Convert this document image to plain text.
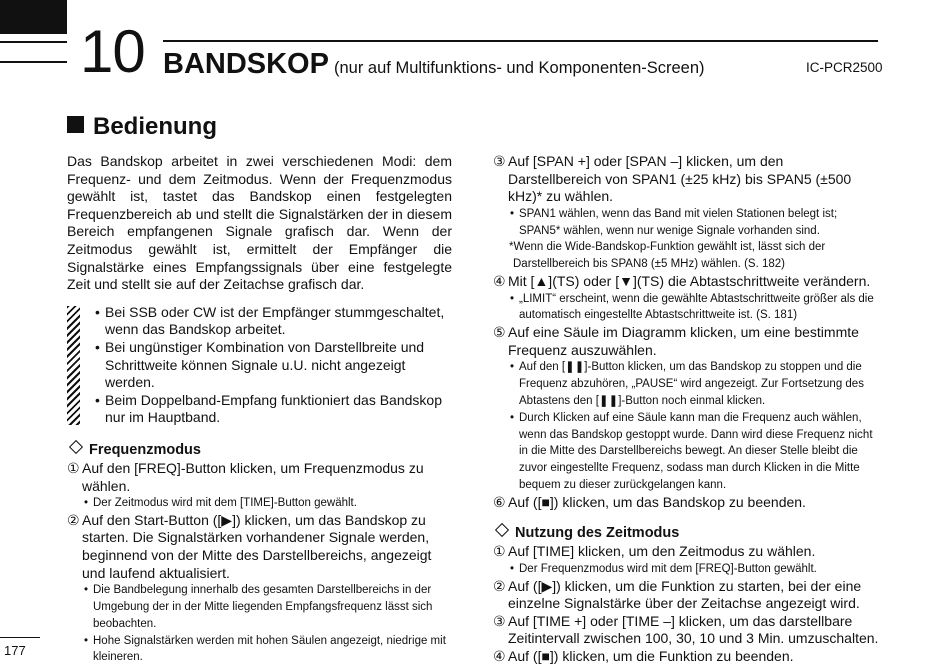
10 BANDSKOP (nur auf Multifunktions- und Komponenten-Screen)	IC-PCR2500
177
Bedienung

Das Bandskop arbeitet in zwei verschiedenen Modi: dem Frequenz- und dem Zeitmodus. Wenn der Frequenzmodus gewählt ist, tastet das Bandskop einen festgelegten Frequenzbereich ab und stellt die Signalstärken der in diesem Bereich empfangenen Signale grafisch dar. Wenn der Zeitmodus gewählt ist, ermittelt der Empfänger die Signalstärke eines Empfangssignals über eine festgelegte Zeit und stellt sie auf der Zeitachse grafisch dar.

• Bei SSB oder CW ist der Empfänger stummgeschaltet, wenn das Bandskop arbeitet.

• Bei ungünstiger Kombination von Darstellbreite und Schrittweite können Signale u.U. nicht angezeigt werden.

• Beim Doppelband-Empfang funktioniert das Bandskop nur im Hauptband.

Frequenzmodus

① Auf den [FREQ]-Button klicken, um Frequenzmodus zu wählen.

• Der Zeitmodus wird mit dem [TIME]-Button gewählt.

② Auf den Start-Button ([▶]) klicken, um das Bandskop zu starten. Die Signalstärken vorhandener Signale werden, beginnend von der Mitte des Darstellbereichs, angezeigt und laufend aktualisiert.

• Die Bandbelegung innerhalb des gesamten Darstellbereichs in der Umgebung der in der Mitte liegenden Empfangsfrequenz lässt sich beobachten.

• Hohe Signalstärken werden mit hohen Säulen angezeigt, niedrige mit kleineren.

③ Auf [SPAN +] oder [SPAN –] klicken, um den Darstellbereich von SPAN1 (±25 kHz) bis SPAN5 (±500 kHz)* zu wählen.

• SPAN1 wählen, wenn das Band mit vielen Stationen belegt ist; SPAN5* wählen, wenn nur wenige Signale vorhanden sind.

*Wenn die Wide-Bandskop-Funktion gewählt ist, lässt sich der Darstellbereich bis SPAN8 (±5 MHz) wählen. (S. 182)

④ Mit [▲](TS) oder [▼](TS) die Abtastschrittweite verändern.

• „LIMIT“ erscheint, wenn die gewählte Abtastschrittweite größer als die automatisch eingestellte Abtastschrittweite ist. (S. 181)

⑤ Auf eine Säule im Diagramm klicken, um eine bestimmte Frequenz auszuwählen.

• Auf den [❚❚]-Button klicken, um das Bandskop zu stoppen und die Frequenz abzuhören, „PAUSE“ wird angezeigt. Zur Fortsetzung des Abtastens den [❚❚]-Button noch einmal klicken.

• Durch Klicken auf eine Säule kann man die Frequenz auch wählen, wenn das Bandskop gestoppt wurde. Dann wird diese Frequenz nicht in die Mitte des Darstellbereichs bewegt. An dieser Stelle bleibt die zuvor eingestellte Frequenz, sodass man durch Klicken in die Mitte bequem zu dieser zurückgelangen kann.

⑥ Auf ([■]) klicken, um das Bandskop zu beenden.

Nutzung des Zeitmodus

① Auf [TIME] klicken, um den Zeitmodus zu wählen.

• Der Frequenzmodus wird mit dem [FREQ]-Button gewählt.

② Auf ([▶]) klicken, um die Funktion zu starten, bei der eine einzelne Signalstärke über der Zeitachse angezeigt wird.

③ Auf [TIME +] oder [TIME –] klicken, um das darstellbare Zeitintervall zwischen 100, 30, 10 und 3 Min. umzuschalten.

④ Auf ([■]) klicken, um die Funktion zu beenden.
